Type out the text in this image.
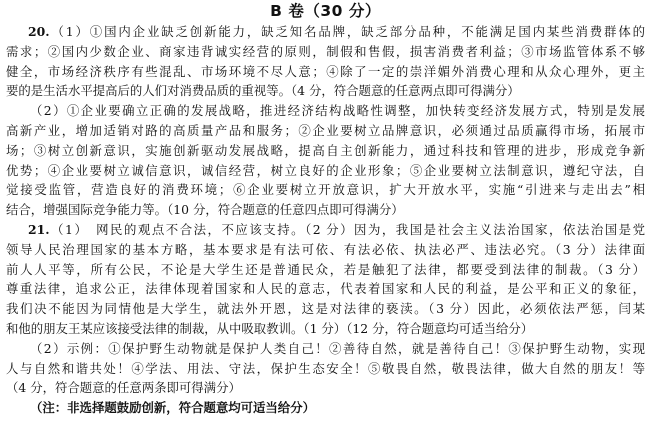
B 卷（30 分）
20.（1）①国内企业缺乏创新能力，缺乏知名品牌，缺乏部分品种，不能满足国内某些消费群体的
需求；②国内少数企业、商家违背诚实经营的原则，制假和售假，损害消费者利益；③市场监管体系不够
健全，市场经济秩序有些混乱、市场环境不尽人意；④除了一定的崇洋媚外消费心理和从众心理外，更主
要的是生活水平提高后的人们对消费品质的重视等。（4 分，符合题意的任意两点即可得满分）
（2）①企业要确立正确的发展战略，推进经济结构战略性调整，加快转变经济发展方式，特别是发展
高新产业，增加适销对路的高质量产品和服务；②企业要树立品牌意识，必须通过品质赢得市场，拓展市
场；③树立创新意识，实施创新驱动发展战略，提高自主创新能力，通过科技和管理的进步，形成竞争新
优势；④企业要树立诚信意识，诚信经营，树立良好的企业形象；⑤企业要树立法制意识，遵纪守法，自
觉接受监管，营造良好的消费环境；⑥企业要树立开放意识，扩大开放水平，实施“引进来与走出去”相
结合，增强国际竞争能力等。（10 分，符合题意的任意四点即可得满分）
21.（1）　网民的观点不合法，不应该支持。（2 分）因为，我国是社会主义法治国家，依法治国是党
领导人民治理国家的基本方略，基本要求是有法可依、有法必依、执法必严、违法必究。（3 分）法律面
前人人平等，所有公民，不论是大学生还是普通民众，若是触犯了法律，都要受到法律的制裁。（3 分）
尊重法律，追求公正，法律体现着国家和人民的意志，代表着国家和人民的利益，是公平和正义的象征，
我们决不能因为同情他是大学生，就法外开恩，这是对法律的亵渎。（3 分）因此，必须依法严惩，闫某
和他的朋友王某应该接受法律的制裁，从中吸取教训。（1 分）（12 分，符合题意均可适当给分）
（2）示例：①保护野生动物就是保护人类自己！②善待自然，就是善待自己！③保护野生动物，实现
人与自然和谐共处！④学法、用法、守法，保护生态安全！⑤敬畏自然，敬畏法律，做大自然的朋友！等
（4 分，符合题意的任意两条即可得满分）
（注：非选择题鼓励创新，符合题意均可适当给分）
